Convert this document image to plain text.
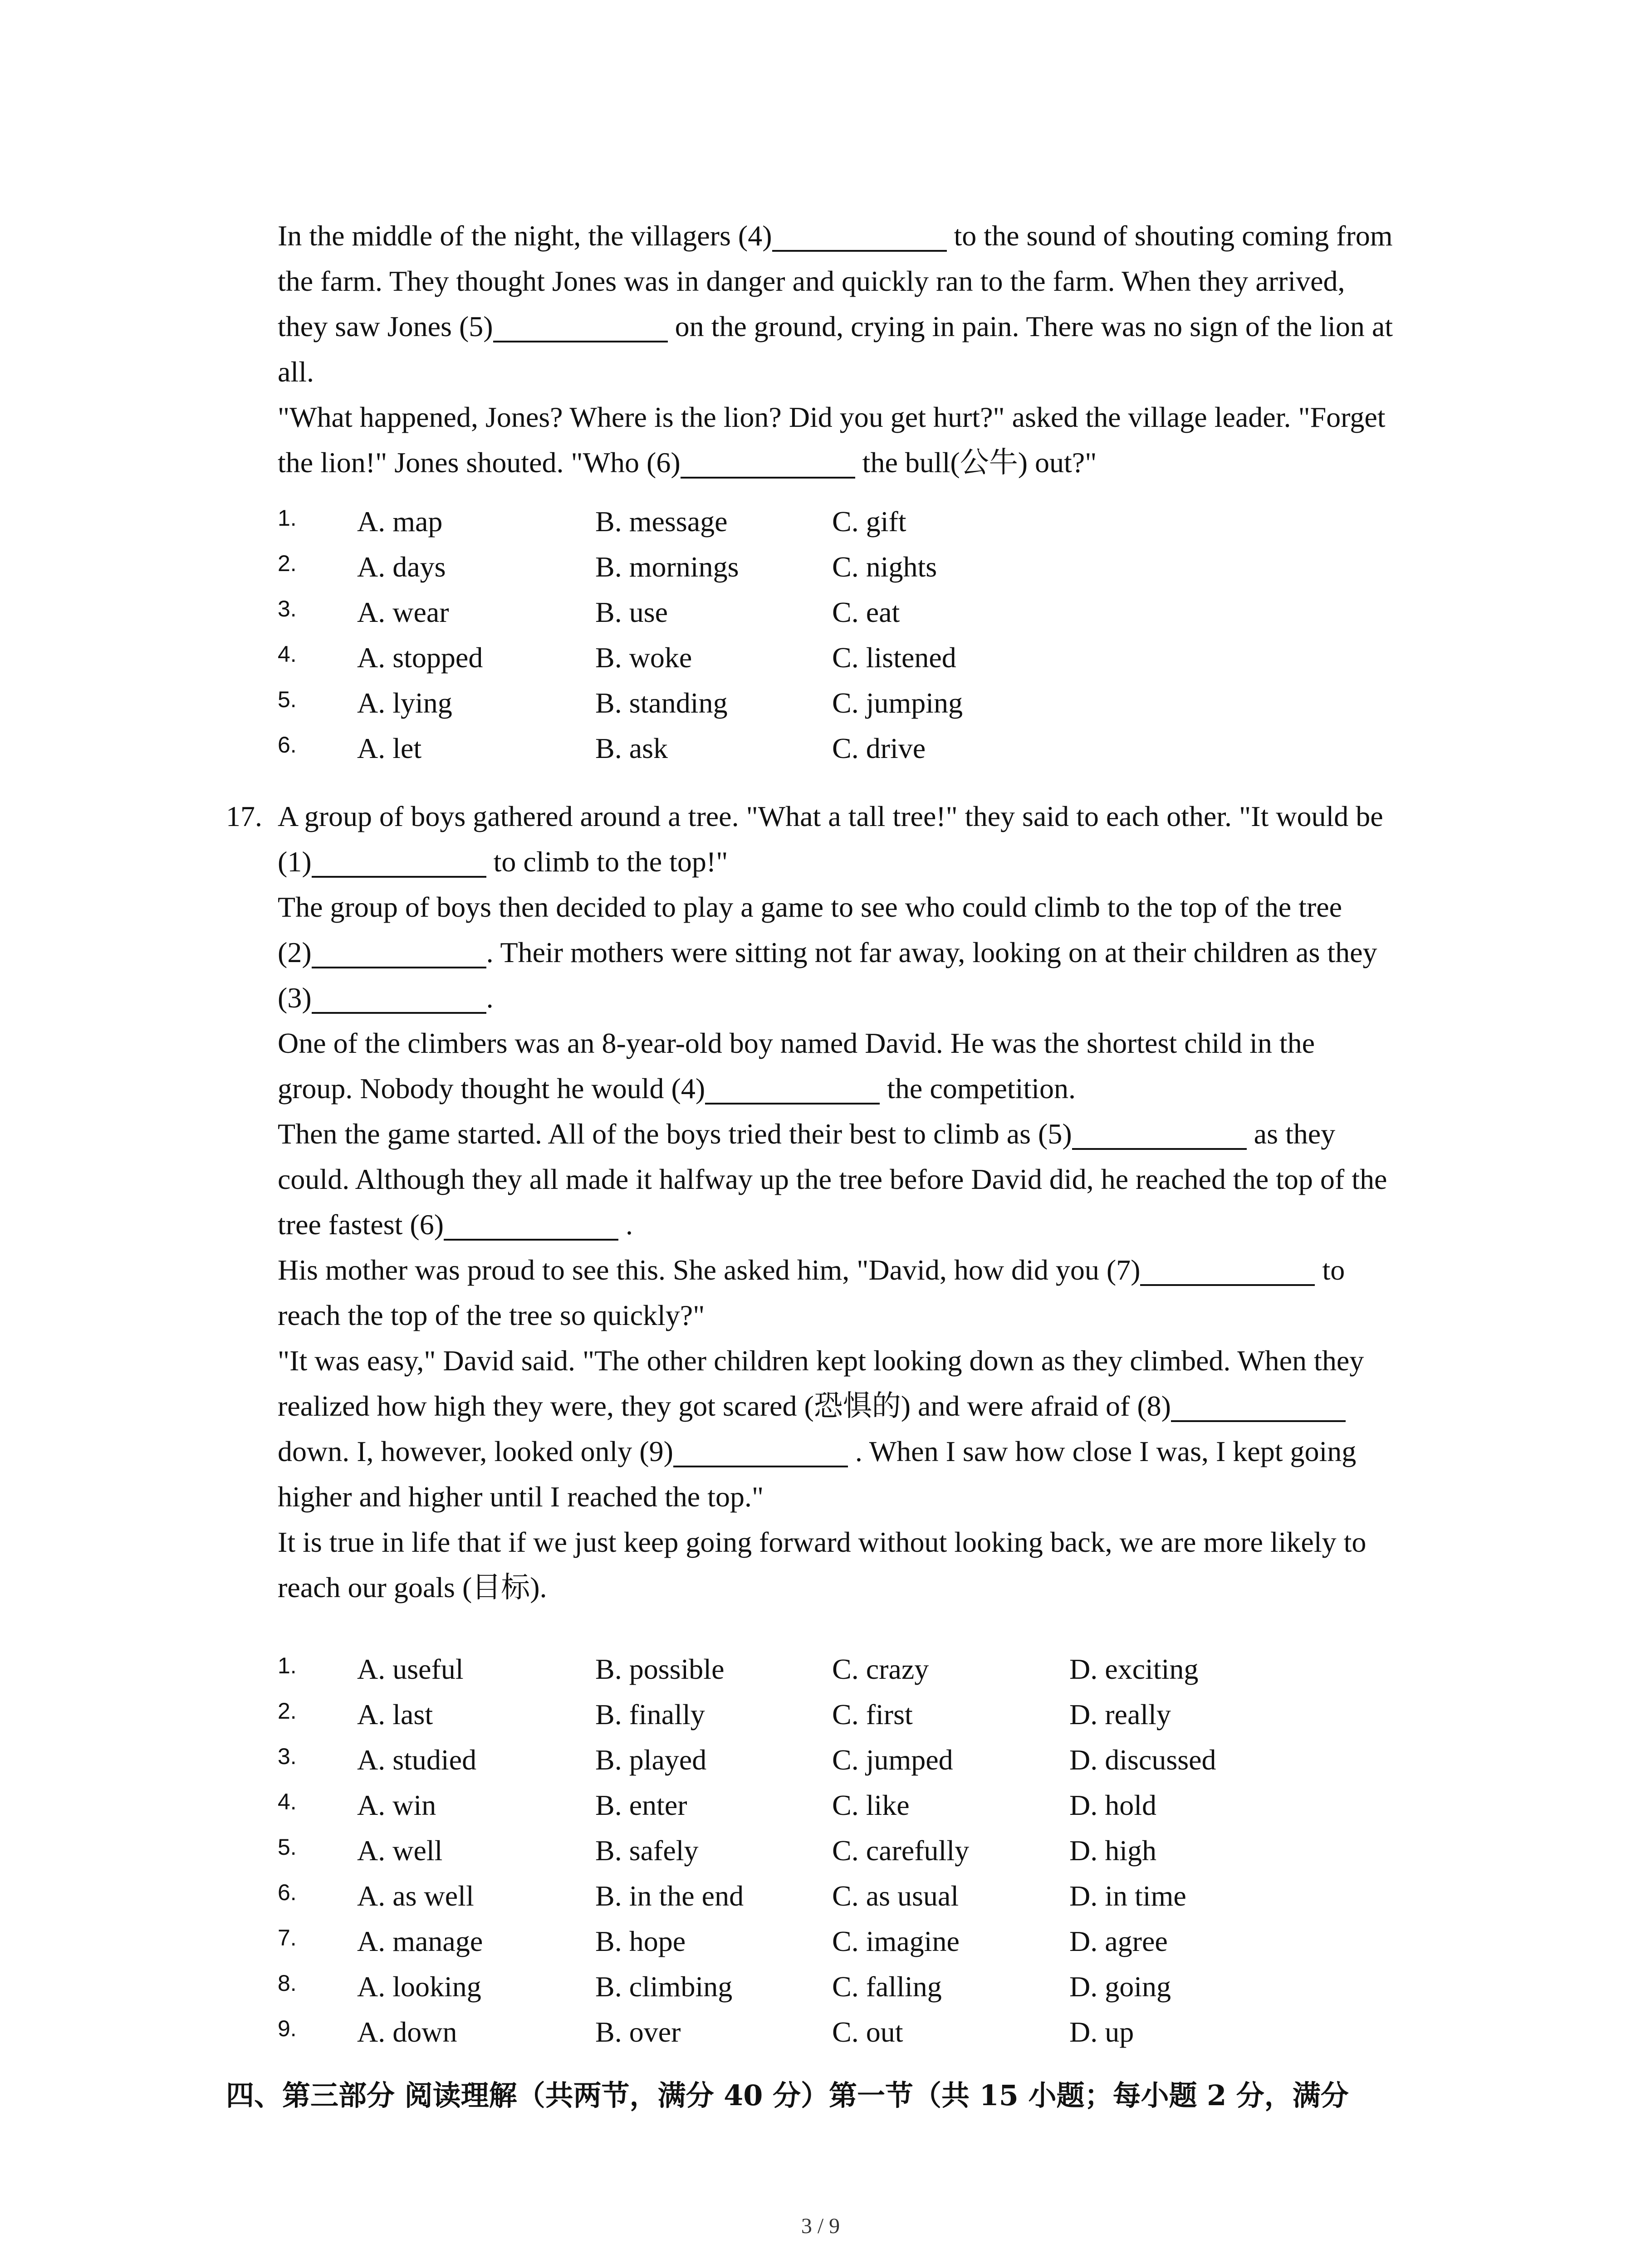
In the middle of the night, the villagers (4)	to the sound of shouting coming from

the farm. They thought Jones was in danger and quickly ran to the farm. When they arrived,

they saw Jones (5)	on the ground, crying in pain. There was no sign of the lion at

all.

"What happened, Jones? Where is the lion? Did you get hurt?" asked the village leader. "Forget

the lion!" Jones shouted. "Who (6)	the bull(公牛) out?"

1. A. map	B. message	C. gift
2. A. days	B. mornings	C. nights
3. A. wear	B. use	C. eat
4. A. stopped	B. woke	C. listened
5. A. lying	B. standing	C. jumping
6. A. let	B. ask	C. drive
17. A group of boys gathered around a tree. "What a tall tree!" they said to each other. "It would be

(1)	to climb to the top!"

The group of boys then decided to play a game to see who could climb to the top of the tree

(2)	. Their mothers were sitting not far away, looking on at their children as they

(3)	.

One of the climbers was an 8-year-old boy named David. He was the shortest child in the

group. Nobody thought he would (4)	the competition.

Then the game started. All of the boys tried their best to climb as (5)	as they

could. Although they all made it halfway up the tree before David did, he reached the top of the

tree fastest (6)	.

His mother was proud to see this. She asked him, "David, how did you (7)	to

reach the top of the tree so quickly?"

"It was easy," David said. "The other children kept looking down as they climbed. When they

realized how high they were, they got scared (恐惧的) and were afraid of (8)

down. I, however, looked only (9)	. When I saw how close I was, I kept going

higher and higher until I reached the top."

It is true in life that if we just keep going forward without looking back, we are more likely to

reach our goals (目标).

1. A. useful	B. possible	C. crazy	D. exciting
2. A. last	B. finally	C. first	D. really
3. A. studied	B. played	C. jumped	D. discussed
4. A. win	B. enter	C. like	D. hold
5. A. well	B. safely	C. carefully	D. high
6. A. as well	B. in the end	C. as usual	D. in time
7. A. manage	B. hope	C. imagine	D. agree
8. A. looking	B. climbing	C. falling	D. going
9. A. down	B. over	C. out	D. up
四、第三部分 阅读理解（共两节，满分 40 分）第一节（共 15 小题；每小题 2 分，满分
3 / 9
